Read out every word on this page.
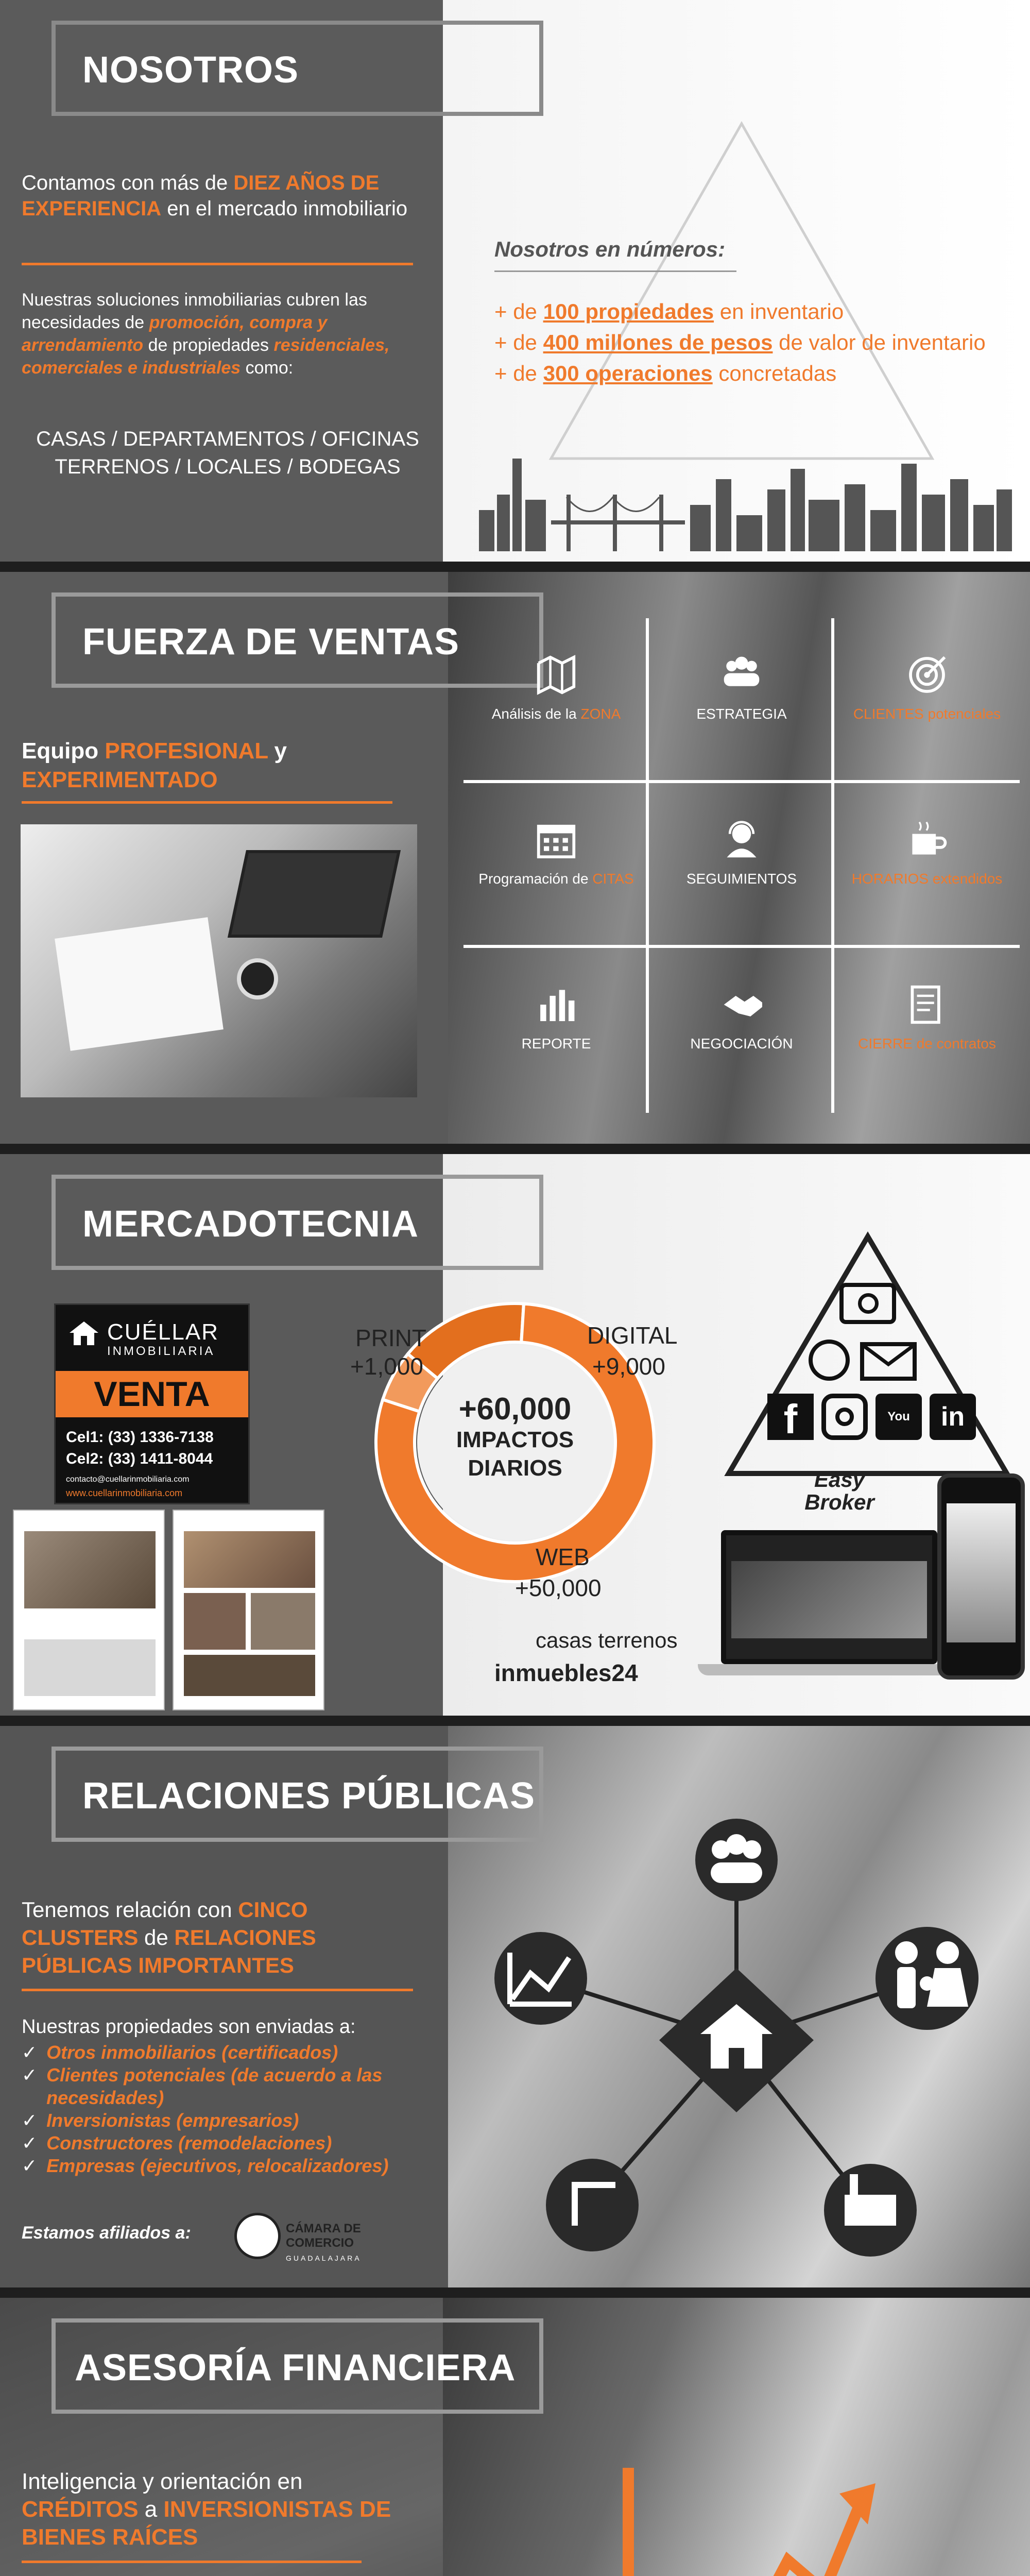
NOSOTROS
Contamos con más de DIEZ AÑOS DE EXPERIENCIA en el mercado inmobiliario
Nuestras soluciones inmobiliarias cubren las necesidades de promoción, compra y arrendamiento de propiedades residenciales, comerciales e industriales como:
CASAS / DEPARTAMENTOS / OFICINAS
TERRENOS / LOCALES / BODEGAS
Nosotros en números:
+ de 100 propiedades en inventario
+ de 400 millones de pesos de valor de inventario
+ de 300 operaciones concretadas
FUERZA DE VENTAS
Equipo PROFESIONAL y EXPERIMENTADO
Análisis de la ZONA	ESTRATEGIA	CLIENTES potenciales
Programación de CITAS	SEGUIMIENTOS	HORARIOS extendidos
REPORTE	NEGOCIACIÓN	CIERRE de contratos
MERCADOTECNIA
CUÉLLAR
INMOBILIARIA
VENTA
Cel1: (33) 1336-7138
Cel2: (33) 1411-8044
contacto@cuellarinmobiliaria.com
www.cuellarinmobiliaria.com
PRINT
+1,000
DIGITAL
+9,000
+60,000
IMPACTOS
DIARIOS
WEB
+50,000
f	You	in
Easy Broker
casas terrenos
inmuebles24
RELACIONES PÚBLICAS
Tenemos relación con CINCO CLUSTERS de RELACIONES PÚBLICAS IMPORTANTES
Nuestras propiedades son enviadas a:
✓ Otros inmobiliarios (certificados)
✓ Clientes potenciales (de acuerdo a las necesidades)
✓ Inversionistas (empresarios)
✓ Constructores (remodelaciones)
✓ Empresas (ejecutivos, relocalizadores)
Estamos afiliados a:	CÁMARA DE COMERCIO
GUADALAJARA
ASESORÍA FINANCIERA
Inteligencia y orientación en CRÉDITOS a INVERSIONISTAS DE BIENES RAÍCES
